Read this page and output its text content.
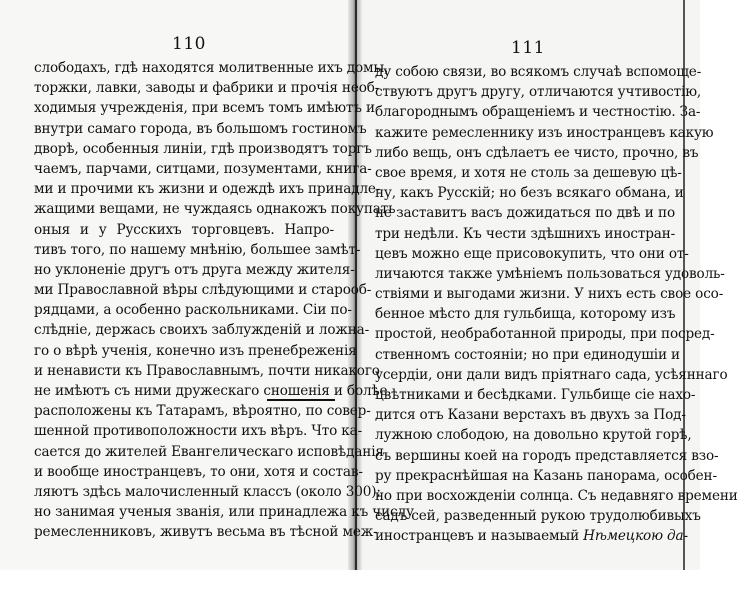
110	111
слободахъ, гдѣ находятся молитвенные ихъ домы,
торжки, лавки, заводы и фабрики и прочія необ-
ходимыя учрежденія, при всемъ томъ имѣютъ и
внутри самаго города, въ большомъ гостиномъ
дворѣ, особенныя линіи, гдѣ производятъ торгъ
чаемъ, парчами, ситцами, позументами, книга-
ми и прочими къ жизни и одеждѣ ихъ принадле-
жащими вещами, не чуждаясь однакожъ покупать
оныя и у Русскихъ торговцевъ. Напро-
тивъ того, по нашему мнѣнію, большее замѣт-
но уклоненіе другъ отъ друга между жителя-
ми Православной вѣры слѣдующими и старооб-
рядцами, а особенно раскольниками. Сіи по-
слѣдніе, держась своихъ заблужденій и ложна-
го о вѣрѣ ученія, конечно изъ пренебреженія
и ненависти къ Православнымъ, почти никакого
не имѣютъ съ ними дружескаго сношенія и болѣе
расположены къ Татарамъ, вѣроятно, по совер-
шенной противоположности ихъ вѣръ. Что ка-
сается до жителей Евангелическаго исповѣданія
и вообще иностранцевъ, то они, хотя и состав-
ляютъ здѣсь малочисленный классъ (около 300);
но занимая ученыя званія, или принадлежа къ числу
ремесленниковъ, живутъ весьма въ тѣсной меж-
ду собою связи, во всякомъ случаѣ вспомоще-
ствуютъ другъ другу, отличаются учтивостію,
благороднымъ обращеніемъ и честностію. За-
кажите ремесленнику изъ иностранцевъ какую
либо вещь, онъ сдѣлаетъ ее чисто, прочно, въ
свое время, и хотя не столь за дешевую цѣ-
ну, какъ Русскій; но безъ всякаго обмана, и
не заставитъ васъ дожидаться по двѣ и по
три недѣли. Къ чести здѣшнихъ иностран-
цевъ можно еще присовокупить, что они от-
личаются также умѣніемъ пользоваться удоволь-
ствіями и выгодами жизни. У нихъ есть свое осо-
бенное мѣсто для гульбища, которому изъ
простой, необработанной природы, при посред-
ственномъ состояніи; но при единодушіи и
усердіи, они дали видъ пріятнаго сада, усѣяннаго
цвѣтниками и бесѣдками. Гульбище сіе нахо-
дится отъ Казани верстахъ въ двухъ за Под-
лужною слободою, на довольно крутой горѣ,
съ вершины коей на городъ представляется взо-
ру прекраснѣйшая на Казань панорама, особен-
но при восхожденіи солнца. Съ недавняго времени
садъ сей, разведенный рукою трудолюбивыхъ
иностранцевъ и называемый Нѣмецкою да-
